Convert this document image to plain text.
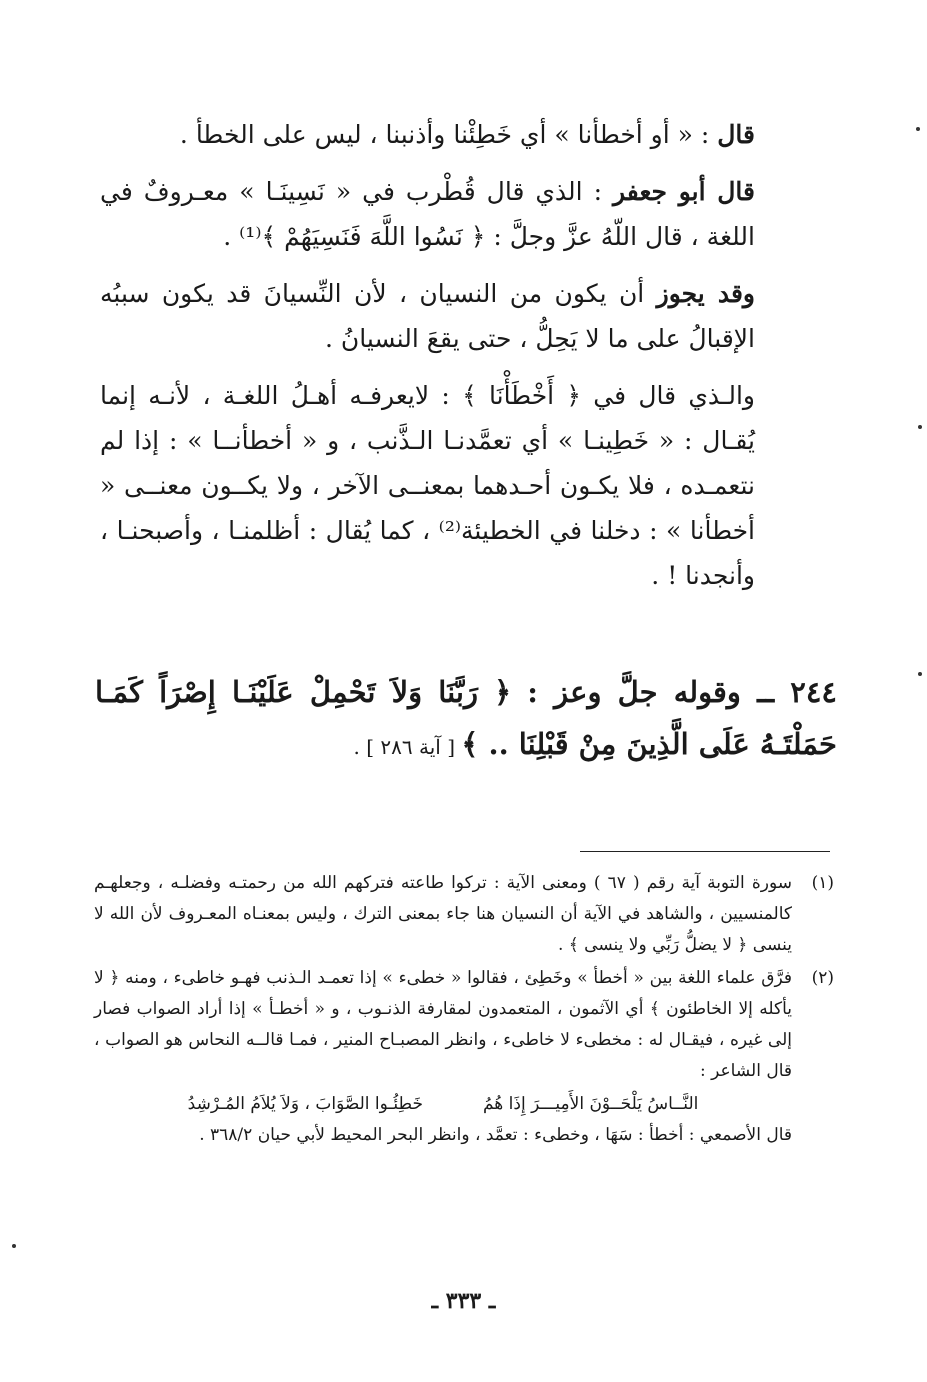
قال : « أو أخطأنا » أي خَطِئْنا وأذنبنا ، ليس على الخطأ .

قال أبو جعفر : الذي قال قُطْرب في « نَسِينَـا » معـروفٌ في اللغة ، قال اللّهُ عزَّ وجلَّ : ﴿ نَسُوا اللَّهَ فَنَسِيَهُمْ ﴾⁽¹⁾ .

وقد يجوز أن يكون من النسيان ، لأن النِّسيانَ قد يكون سببُه الإقبالُ على ما لا يَحِلُّ ، حتى يقعَ النسيانُ .

والـذي قال في ﴿ أَخْطَأْنَا ﴾ : لايعرفـه أهـلُ اللغـة ، لأنـه إنما يُقـال : « خَطِينـا » أي تعمَّدنـا الـذَّنب ، و « أخطأنــا » : إذا لم نتعمـده ، فلا يكـون أحـدهما بمعنــى الآخر ، ولا يكــون معنــى « أخطأنا » : دخلنا في الخطيئة⁽²⁾ ، كما يُقال : أظلمنـا ، وأصبحنـا ، وأنجدنا ! .

٢٤٤ ــ وقوله جلَّ وعز : ﴿ رَبَّنَا وَلاَ تَحْمِلْ عَلَيْنَـا إِصْرَاً كَمَـا حَمَلْتَـهُ عَلَى الَّذِينَ مِنْ قَبْلِنَا .. ﴾ [ آية ٢٨٦ ] .
(١)
سورة التوبة آية رقم ( ٦٧ ) ومعنى الآية : تركوا طاعته فتركهم الله من رحمتـه وفضلـه ، وجعلهـم كالمنسيين ، والشاهد في الآية أن النسيان هنا جاء بمعنى الترك ، وليس بمعنـاه المعـروف لأن الله لا ينسى ﴿ لا يضلُّ رَبِّي ولا ينسى ﴾ .
(٢)
فرَّق علماء اللغة بين « أخطأ » وخَطِئ ، فقالوا « خطىء » إذا تعمـد الـذنب فهـو خاطىء ، ومنه ﴿ لا يأكله إلا الخاطئون ﴾ أي الآثمون ، المتعمدون لمقارفة الذنـوب ، و « أخطـأ » إذا أراد الصواب فصار إلى غيره ، فيقـال له : مخطىء لا خاطىء ، وانظر المصبـاح المنير ، فمـا قالــه النحاس هو الصواب ، قال الشاعر :
النَّــاسُ يَلْحَــوْنَ الأَمِيـــرَ إِذَا هُمُ
خَطِئُـوا الصَّوَابَ ، وَلاَ يُلاَمُ المُـرْشِدُ
قال الأصمعي : أخطأ : سَهَا ، وخطىء : تعمَّد ، وانظر البحر المحيط لأبي حيان ٣٦٨/٢ .
ـ ٣٣٣ ـ
